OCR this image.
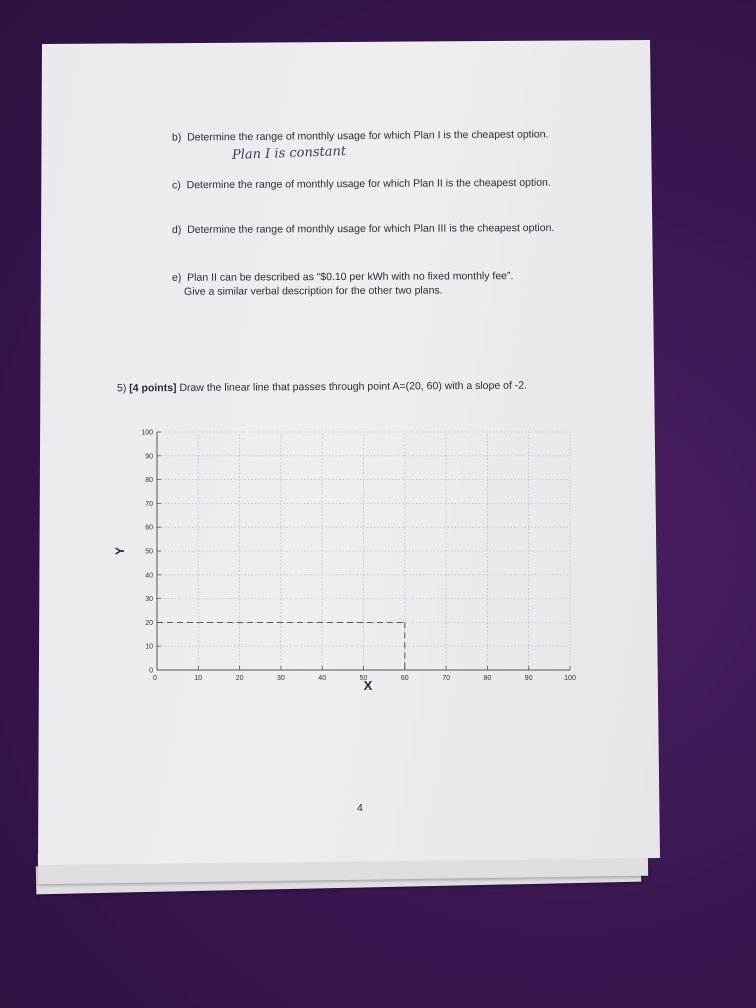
b) Determine the range of monthly usage for which Plan I is the cheapest option.
Plan I is constant
c) Determine the range of monthly usage for which Plan II is the cheapest option.
d) Determine the range of monthly usage for which Plan III is the cheapest option.
e) Plan II can be described as “$0.10 per kWh with no fixed monthly fee”.
Give a similar verbal description for the other two plans.
5) [4 points] Draw the linear line that passes through point A=(20, 60) with a slope of -2.
0	10	20	30	40	50	60	70	80	90	100
100
90
80
70
60
50
40
30
20
10
0
X
Y
4
